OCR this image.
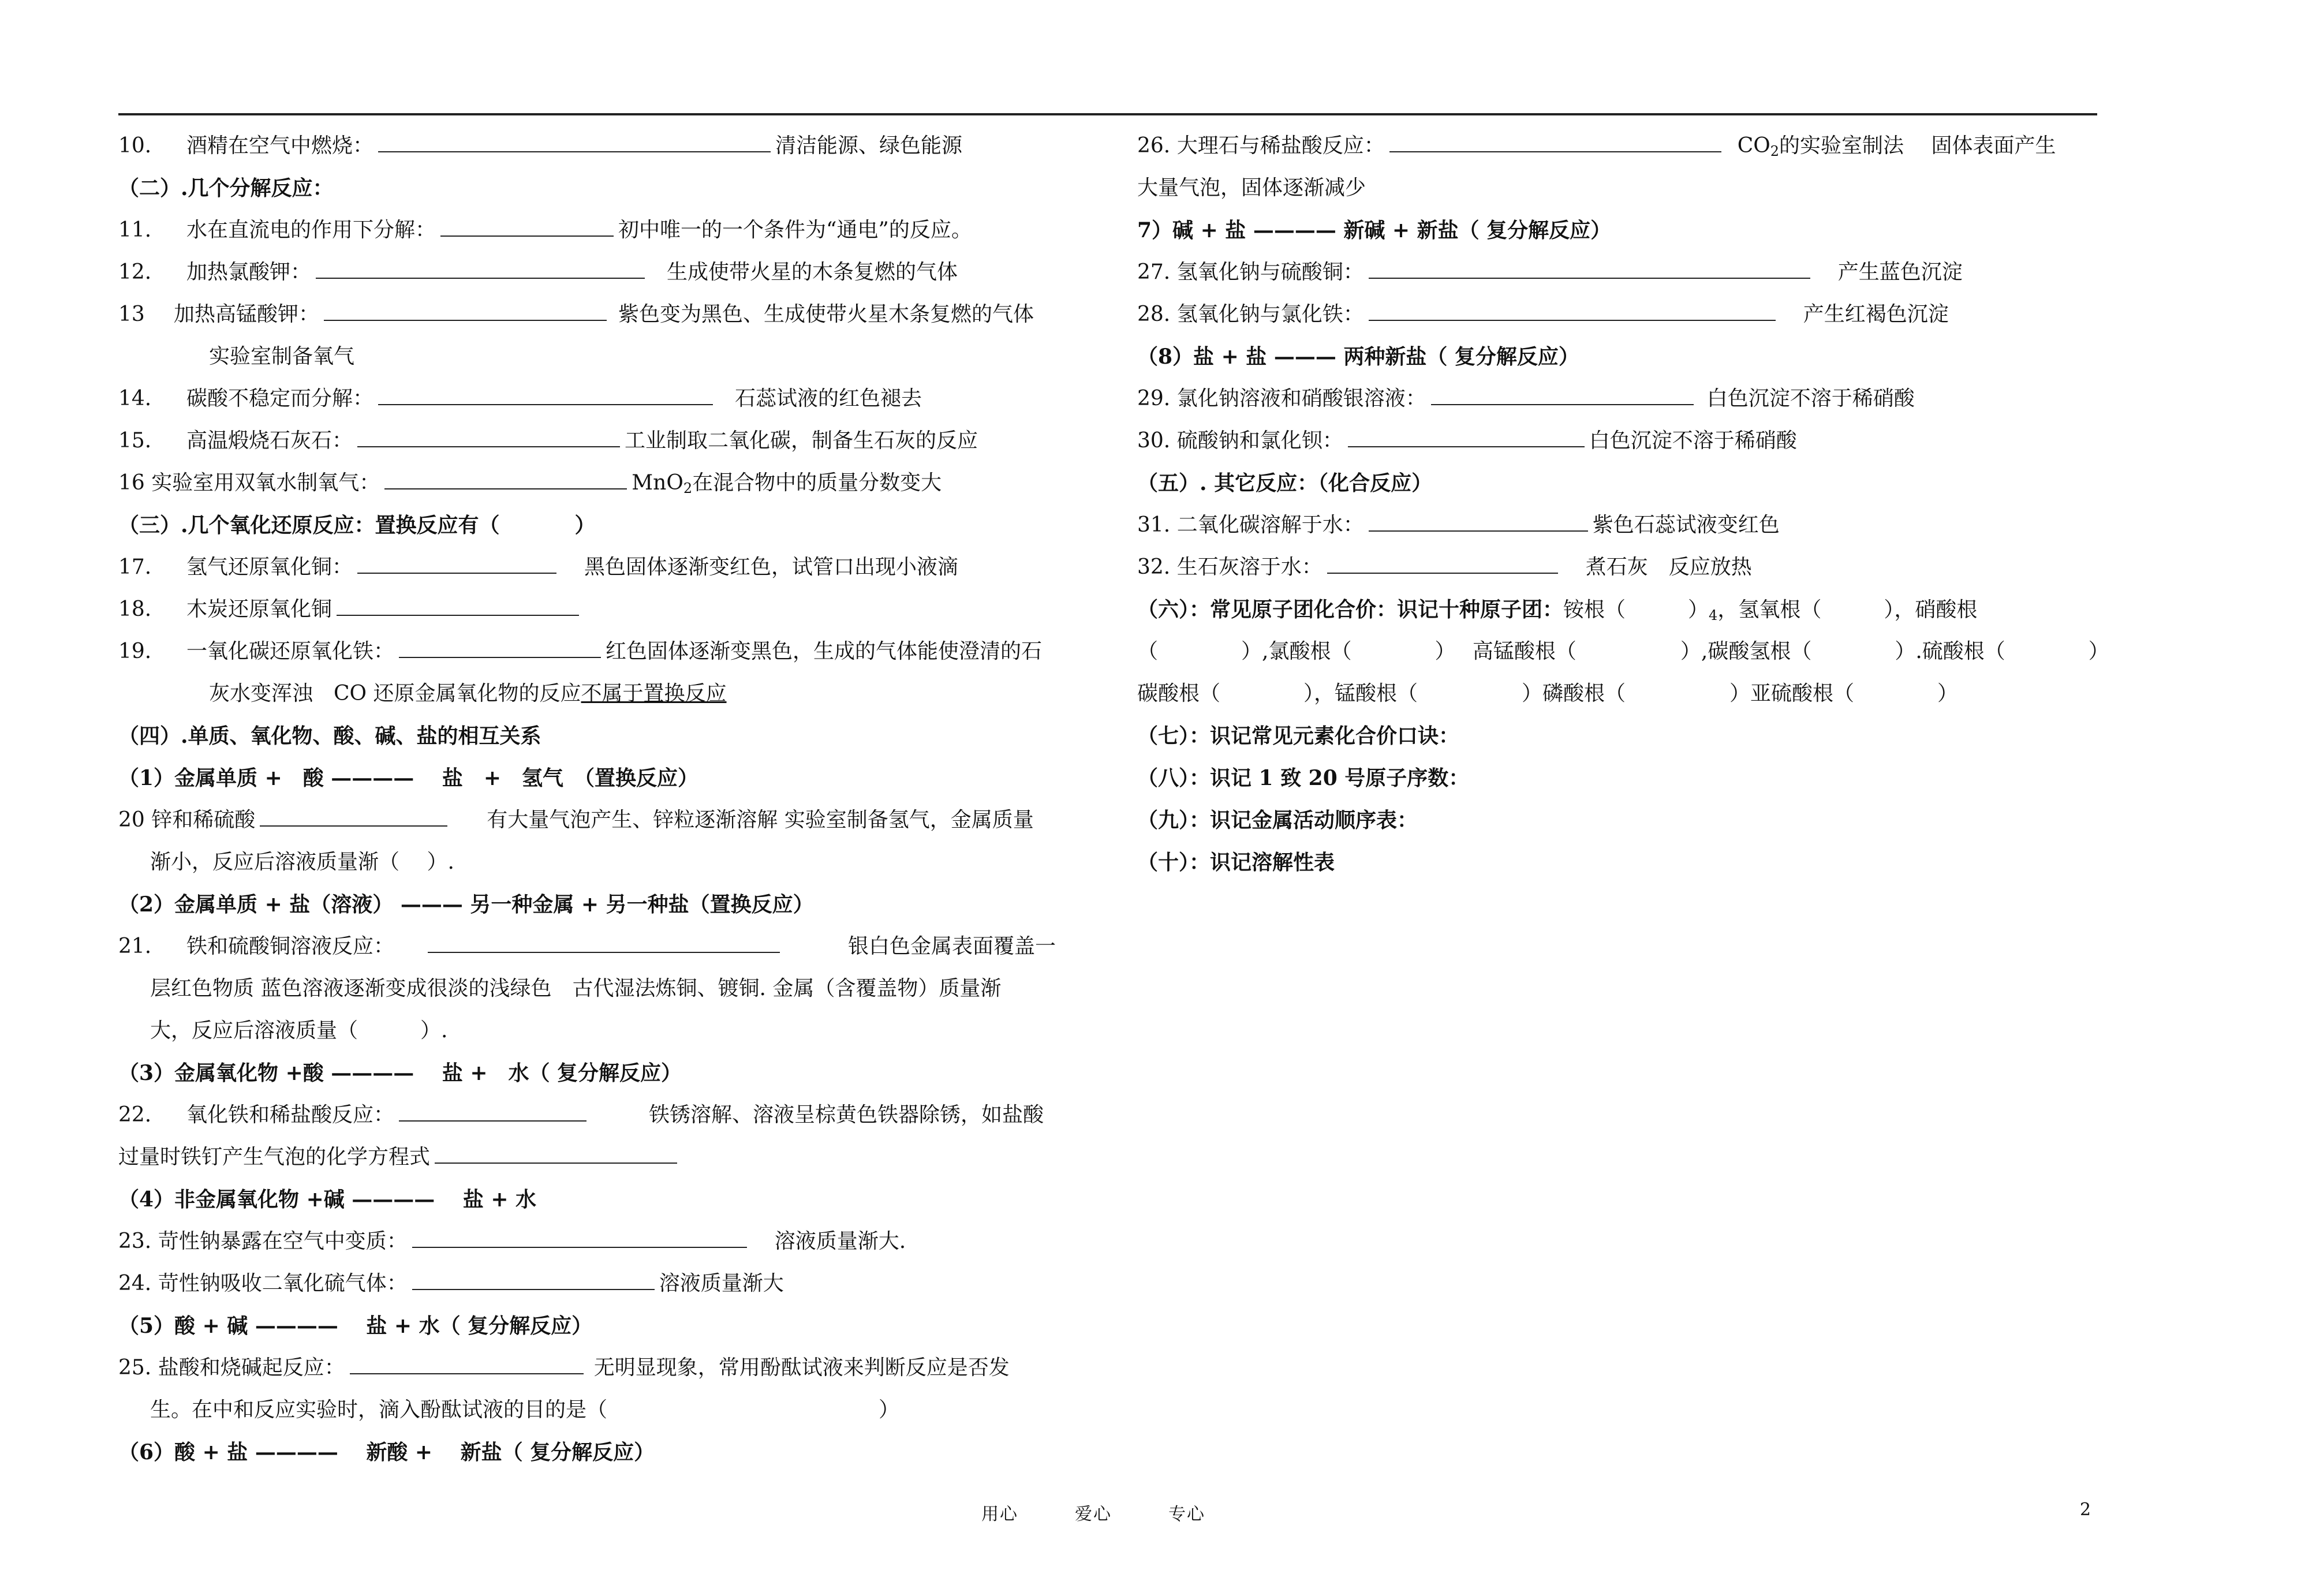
10. 酒精在空气中燃烧：	清洁能源、绿色能源
（二）.几个分解反应：
11. 水在直流电的作用下分解：	初中唯一的一个条件为“通电”的反应。
12. 加热氯酸钾：	生成使带火星的木条复燃的气体
13 加热高锰酸钾：	紫色变为黑色、生成使带火星木条复燃的气体
实验室制备氧气
14. 碳酸不稳定而分解：	石蕊试液的红色褪去
15. 高温煅烧石灰石：	工业制取二氧化碳，制备生石灰的反应
16 实验室用双氧水制氧气：	MnO$_2$在混合物中的质量分数变大
（三）.几个氧化还原反应：置换反应有（	）
17. 氢气还原氧化铜：	黑色固体逐渐变红色，试管口出现小液滴
18. 木炭还原氧化铜
19. 一氧化碳还原氧化铁：	红色固体逐渐变黑色，生成的气体能使澄清的石
灰水变浑浊　CO 还原金属氧化物的反应不属于置换反应
（四）.单质、氧化物、酸、碱、盐的相互关系
（1）金属单质 +　酸 ———— 　盐　+　氢气　（置换反应）
20 锌和稀硫酸	有大量气泡产生、锌粒逐渐溶解 实验室制备氢气，金属质量
渐小，反应后溶液质量渐（　 ）.
（2）金属单质 + 盐（溶液） ——— 另一种金属 + 另一种盐（置换反应）
21. 铁和硫酸铜溶液反应：	银白色金属表面覆盖一
层红色物质 蓝色溶液逐渐变成很淡的浅绿色　古代湿法炼铜、镀铜. 金属（含覆盖物）质量渐
大，反应后溶液质量（　　　）.
（3）金属氧化物 +酸 ———— 　盐 +　水（ 复分解反应）
22. 氧化铁和稀盐酸反应：	铁锈溶解、溶液呈棕黄色铁器除锈，如盐酸
过量时铁钉产生气泡的化学方程式
（4）非金属氧化物 +碱 ———— 　盐 + 水
23. 苛性钠暴露在空气中变质：	溶液质量渐大.
24. 苛性钠吸收二氧化硫气体：	溶液质量渐大
（5）酸 + 碱 ———— 　盐 + 水（ 复分解反应）
25. 盐酸和烧碱起反应：	无明显现象，常用酚酞试液来判断反应是否发
生。在中和反应实验时，滴入酚酞试液的目的是（	）
（6）酸 + 盐 ———— 　新酸 + 　新盐（ 复分解反应）
26. 大理石与稀盐酸反应：	$CO_2$的实验室制法　 固体表面产生
大量气泡，固体逐渐减少
7）碱 + 盐 ———— 新碱 + 新盐（ 复分解反应）
27. 氢氧化钠与硫酸铜：	产生蓝色沉淀
28. 氢氧化钠与氯化铁：	产生红褐色沉淀
（8）盐 + 盐 ——— 两种新盐（ 复分解反应）
29. 氯化钠溶液和硝酸银溶液：	白色沉淀不溶于稀硝酸
30. 硫酸钠和氯化钡：	白色沉淀不溶于稀硝酸
（五）. 其它反应：（化合反应）
31. 二氧化碳溶解于水：	紫色石蕊试液变红色
32. 生石灰溶于水：	煮石灰　反应放热
（六）：常见原子团化合价：识记十种原子团：铵根（　　　）$_4$，氢氧根（　　　），硝酸根
（　　　　）,氯酸根（　　　　）　 高锰酸根（　　　　　）,碳酸氢根（　　　　）.硫酸根（　　　　）
碳酸根（　　　　），锰酸根（　　　　　）磷酸根（　　　　　）亚硫酸根（　　　　）
（七）：识记常见元素化合价口诀：
（八）：识记 1 致 20 号原子序数：
（九）：识记金属活动顺序表：
（十）：识记溶解性表
用心	爱心	专心	2
